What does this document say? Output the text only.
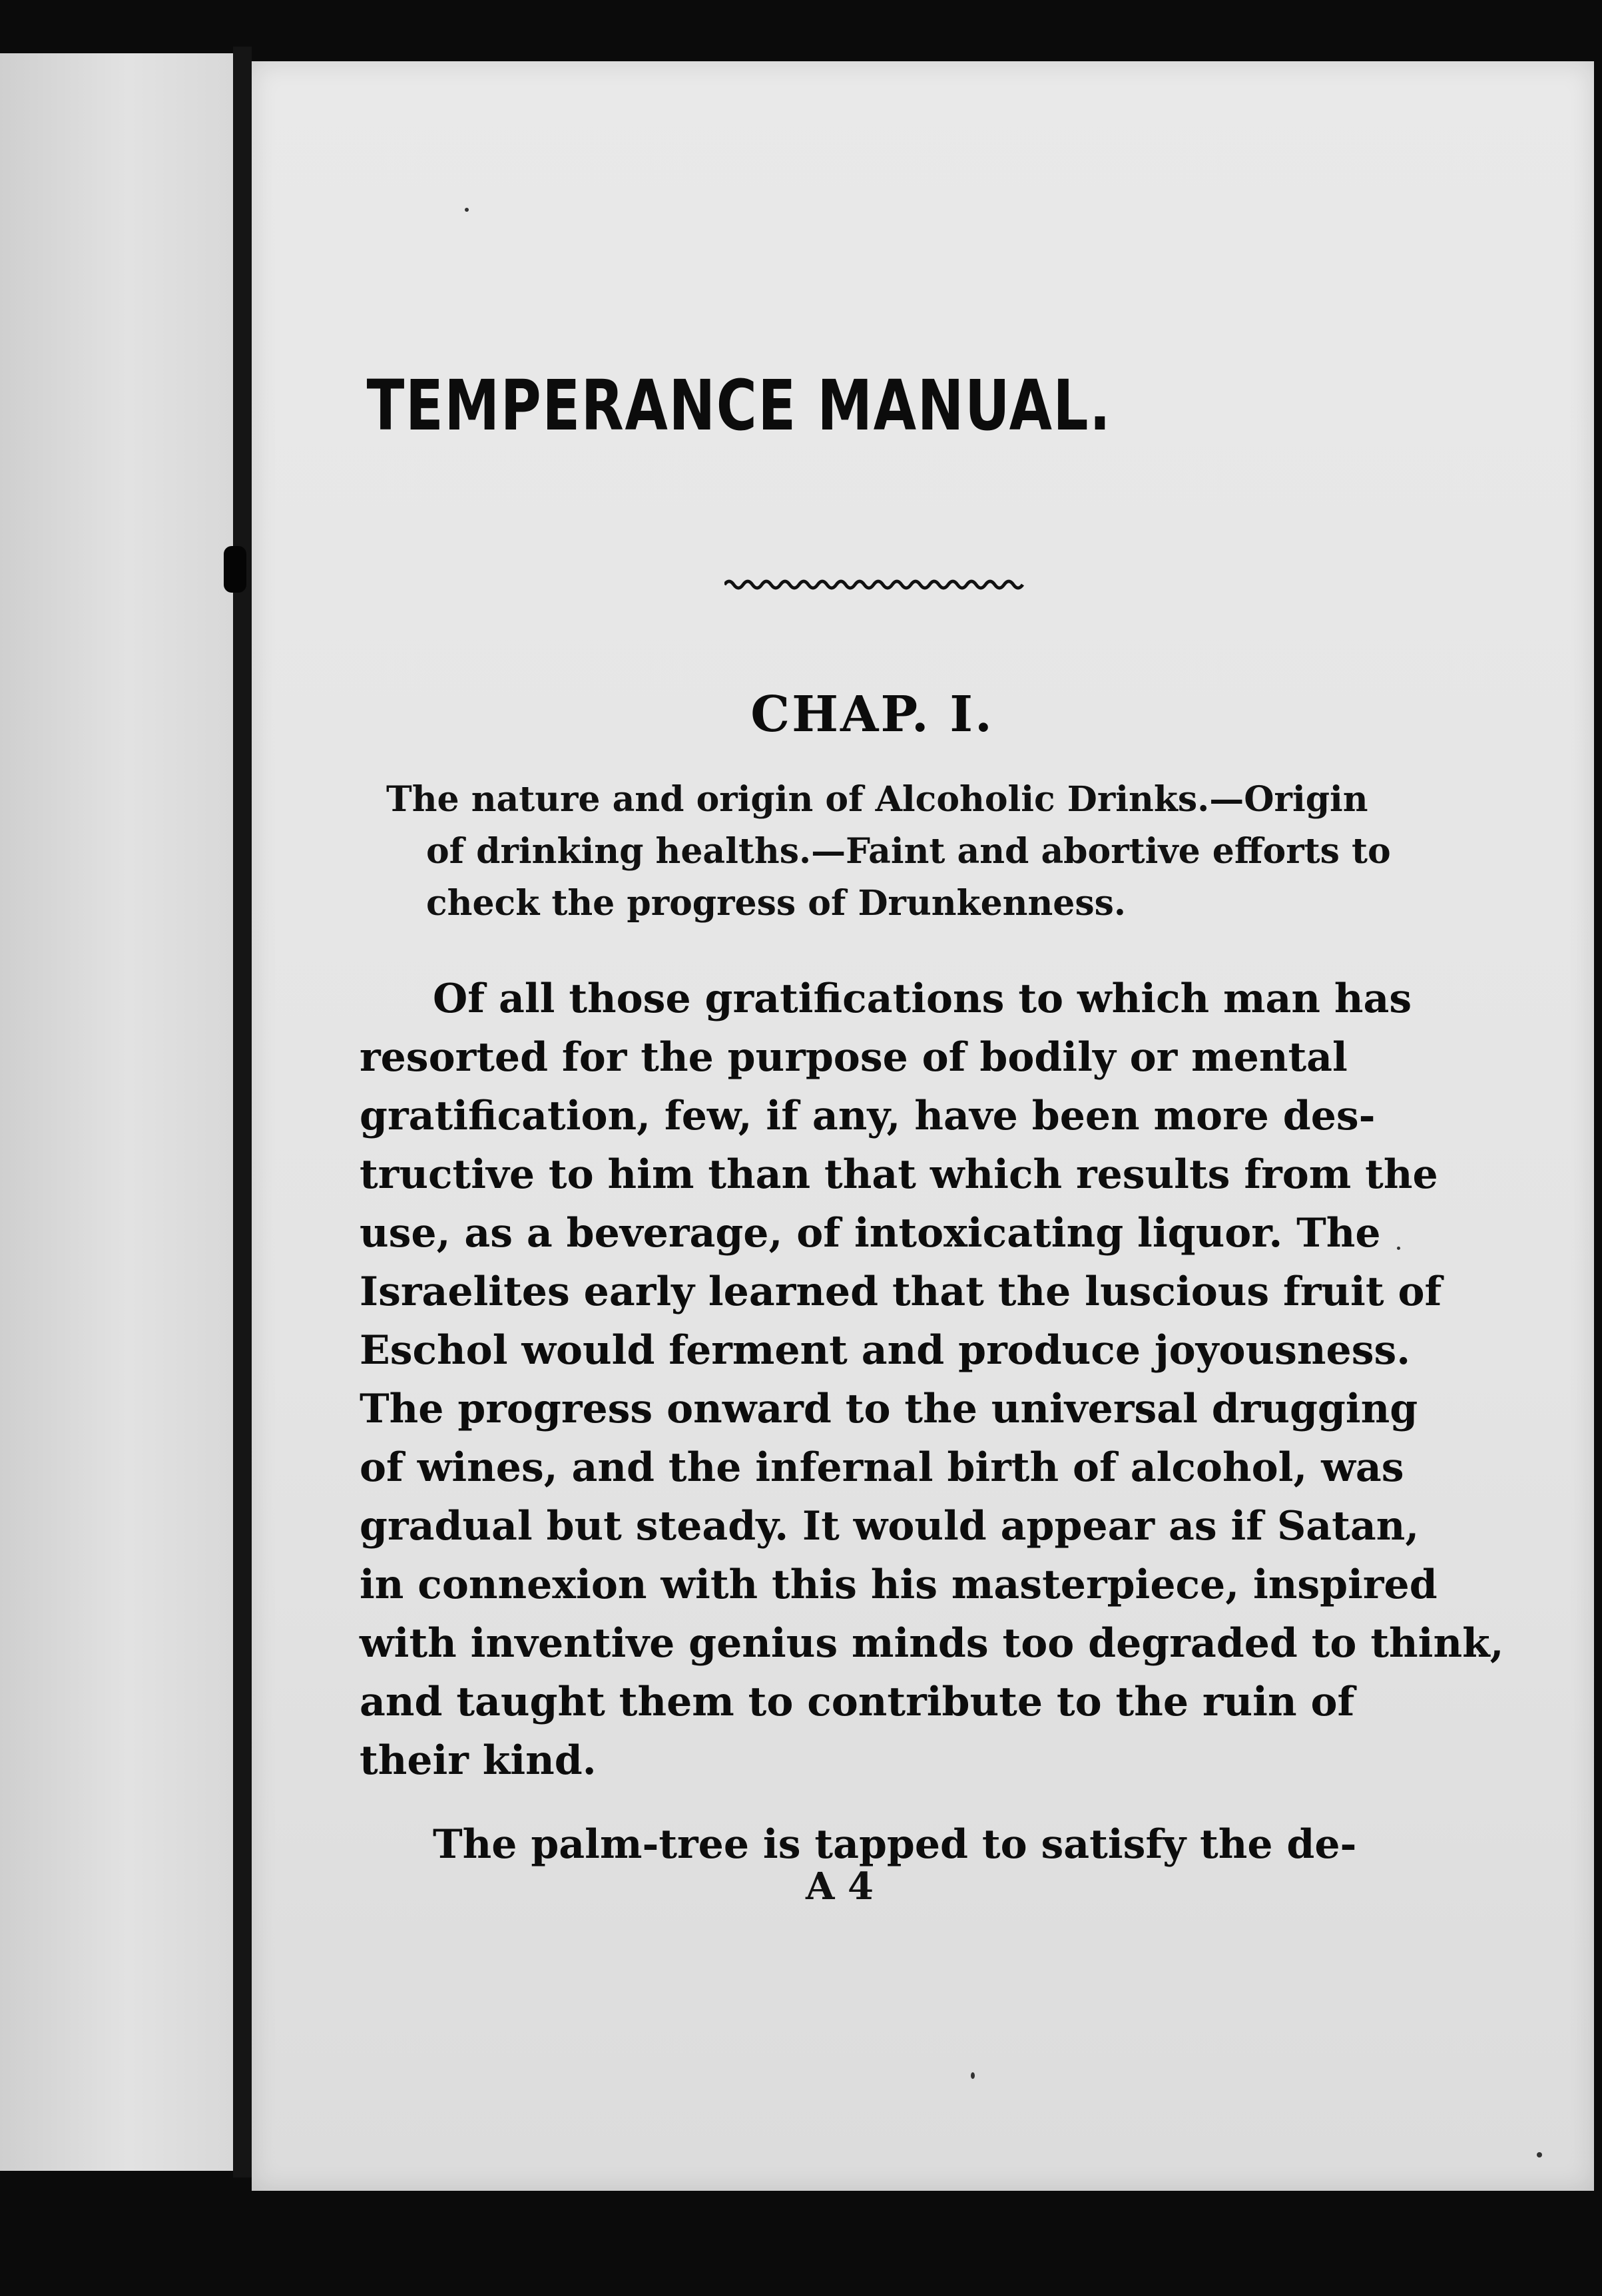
TEMPERANCE MANUAL.
CHAP. I.
The nature and origin of Alcoholic Drinks.—Origin
of drinking healths.—Faint and abortive efforts to
check the progress of Drunkenness.
Of all those gratifications to which man has
resorted for the purpose of bodily or mental
gratification, few, if any, have been more des-
tructive to him than that which results from the
use, as a beverage, of intoxicating liquor. The
Israelites early learned that the luscious fruit of
Eschol would ferment and produce joyousness.
The progress onward to the universal drugging
of wines, and the infernal birth of alcohol, was
gradual but steady. It would appear as if Satan,
in connexion with this his masterpiece, inspired
with inventive genius minds too degraded to think,
and taught them to contribute to the ruin of
their kind.
The palm-tree is tapped to satisfy the de-
A 4
